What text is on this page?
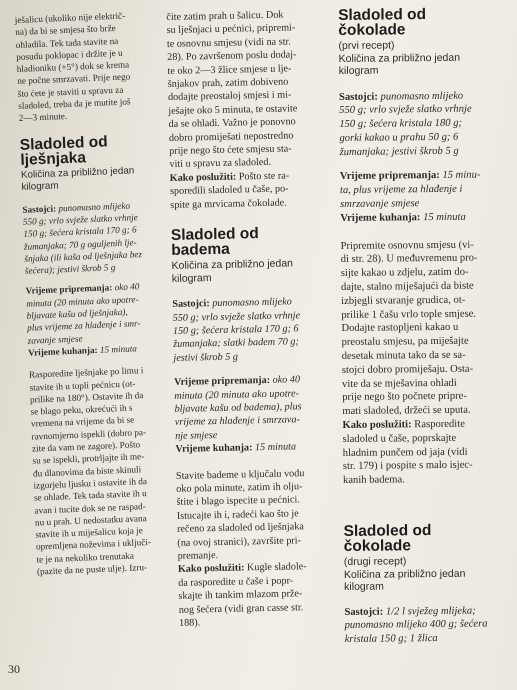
ješalicu (ukoliko nije električ-
na) da bi se smjesa što brže
ohladila. Tek tada stavite na
posudu poklopac i držite je u
hladioniku (+5°) dok se krema
ne počne smrzavati. Prije nego
što ćete je staviti u spravu za
sladoled, treba da je mutite još
2—3 minute.
Sladoled od
lješnjaka
Količina za približno jedan
kilogram
Sastojci: punomasno mlijeko
550 g; vrlo svježe slatko vrhnje
150 g; šećera kristala 170 g; 6
žumanjaka; 70 g oguljenih lje-
šnjaka (ili kaša od lješnjaka bez
šećera); jestivi škrob 5 g
Vrijeme pripremanja: oko 40
minuta (20 minuta ako upotre-
bljavate kašu od lješnjaka),
plus vrijeme za hlađenje i smr-
zavanje smjese
Vrijeme kuhanja: 15 minuta
Rasporedite lješnjake po limu i
stavite ih u topli pećnicu (ot-
prilike na 180°). Ostavite ih da
se blago peku, okrećući ih s
vremena na vrijeme da bi se
ravnomjerno ispekli (dobro pa-
zite da vam ne zagore). Pošto
su se ispekli, protrljajte ih me-
đu dlanovima da biste skinuli
izgorjelu ljusku i ostavite ih da
se ohlade. Tek tada stavite ih u
avan i tucite dok se ne raspad-
nu u prah. U nedostatku avana
stavite ih u miješalicu koja je
opremljena noževima i uključi-
te je na nekoliko trenutaka
(pazite da ne puste ulje). Izru-
čite zatim prah u šalicu. Dok
su lješnjaci u pećnici, pripremi-
te osnovnu smjesu (vidi na str.
28). Po završenom poslu dodaj-
te oko 2—3 žlice smjese u lje-
šnjakov prah, zatim dobiveno
dodajte preostaloj smjesi i mi-
ješajte oko 5 minuta, te ostavite
da se ohladi. Važno je ponovno
dobro promiješati nepostredno
prije nego što ćete smjesu sta-
viti u spravu za sladoled.
Kako poslužiti: Pošto ste ra-
sporedili sladoled u čaše, po-
spite ga mrvicama čokolade.
Sladoled od
badema
Količina za približno jedan
kilogram
Sastojci: punomasno mlijeko
550 g; vrlo svježe slatko vrhnje
150 g; šećera kristala 170 g; 6
žumanjaka; slatki badem 70 g;
jestivi škrob 5 g
Vrijeme pripremanja: oko 40
minuta (20 minuta ako upotre-
bljavate kašu od badema), plus
vrijeme za hlađenje i smrzava-
nje smjese
Vrijeme kuhanja: 15 minuta
Stavite bademe u ključalu vodu
oko pola minute, zatim ih olju-
štite i blago ispecite u pećnici.
Istucajte ih i, radeći kao što je
rečeno za sladoled od lješnjaka
(na ovoj stranici), završite pri-
premanje.
Kako poslužiti: Kugle sladole-
da rasporedite u čaše i popr-
skajte ih tankim mlazom prže-
nog šećera (vidi gran casse str.
188).
Sladoled od
čokolade
(prvi recept)
Količina za približno jedan
kilogram
Sastojci: punomasno mlijeko
550 g; vrlo svježe slatko vrhnje
150 g; šećera kristala 180 g;
gorki kakao u prahu 50 g; 6
žumanjaka; jestivi škrob 5 g
Vrijeme pripremanja: 15 minu-
ta, plus vrijeme za hlađenje i
smrzavanje smjese
Vrijeme kuhanja: 15 minuta
Pripremite osnovnu smjesu (vi-
di str. 28). U međuvremenu pro-
sijte kakao u zdjelu, zatim do-
dajte, stalno miješajući da biste
izbjegli stvaranje grudica, ot-
prilike 1 čašu vrlo tople smjese.
Dodajte rastopljeni kakao u
preostalu smjesu, pa miješajte
desetak minuta tako da se sa-
stojci dobro promiješaju. Osta-
vite da se mješavina ohladi
prije nego što počnete pripre-
mati sladoled, držeći se uputa.
Kako poslužiti: Rasporedite
sladoled u čaše, poprskajte
hladnim punčem od jaja (vidi
str. 179) i pospite s malo isjec-
kanih badema.
Sladoled od
čokolade
(drugi recept)
Količina za približno jedan
kilogram
Sastojci: 1/2 l svježeg mlijeka;
punomasno mlijeko 400 g; šećera
kristala 150 g; 1 žlica
30
